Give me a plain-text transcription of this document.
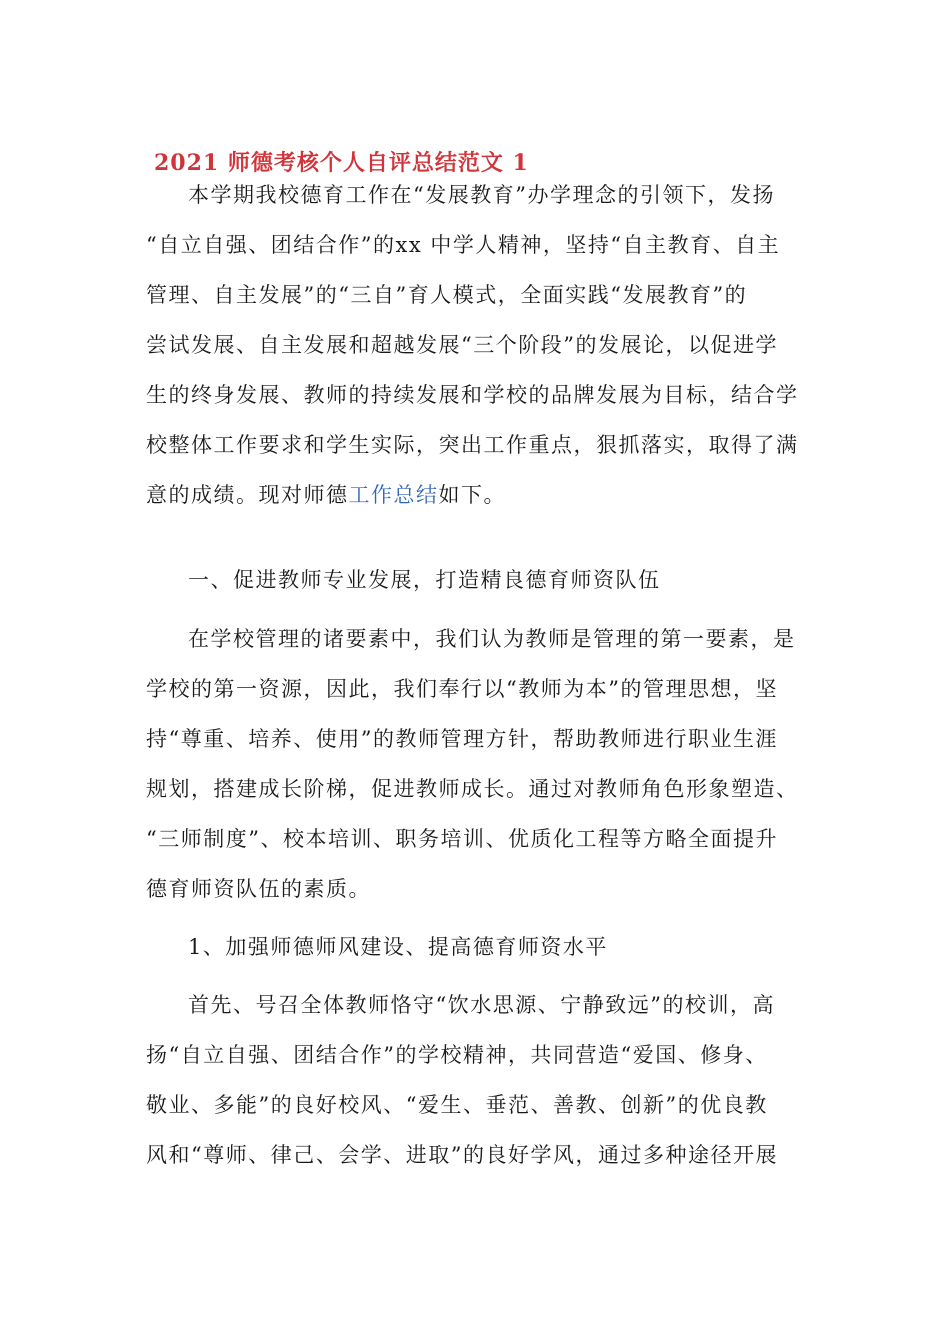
2021 师德考核个人自评总结范文 1
本学期我校德育工作在“发展教育”办学理念的引领下，发扬
“自立自强、团结合作”的xx 中学人精神，坚持“自主教育、自主
管理、自主发展”的“三自”育人模式，全面实践“发展教育”的
尝试发展、自主发展和超越发展“三个阶段”的发展论，以促进学
生的终身发展、教师的持续发展和学校的品牌发展为目标，结合学
校整体工作要求和学生实际，突出工作重点，狠抓落实，取得了满
意的成绩。现对师德工作总结如下。
一、促进教师专业发展，打造精良德育师资队伍
在学校管理的诸要素中，我们认为教师是管理的第一要素，是
学校的第一资源，因此，我们奉行以“教师为本”的管理思想，坚
持“尊重、培养、使用”的教师管理方针，帮助教师进行职业生涯
规划，搭建成长阶梯，促进教师成长。通过对教师角色形象塑造、
“三师制度”、校本培训、职务培训、优质化工程等方略全面提升
德育师资队伍的素质。
1、加强师德师风建设、提高德育师资水平
首先、号召全体教师恪守“饮水思源、宁静致远”的校训，高
扬“自立自强、团结合作”的学校精神，共同营造“爱国、修身、
敬业、多能”的良好校风、“爱生、垂范、善教、创新”的优良教
风和“尊师、律己、会学、进取”的良好学风，通过多种途径开展
